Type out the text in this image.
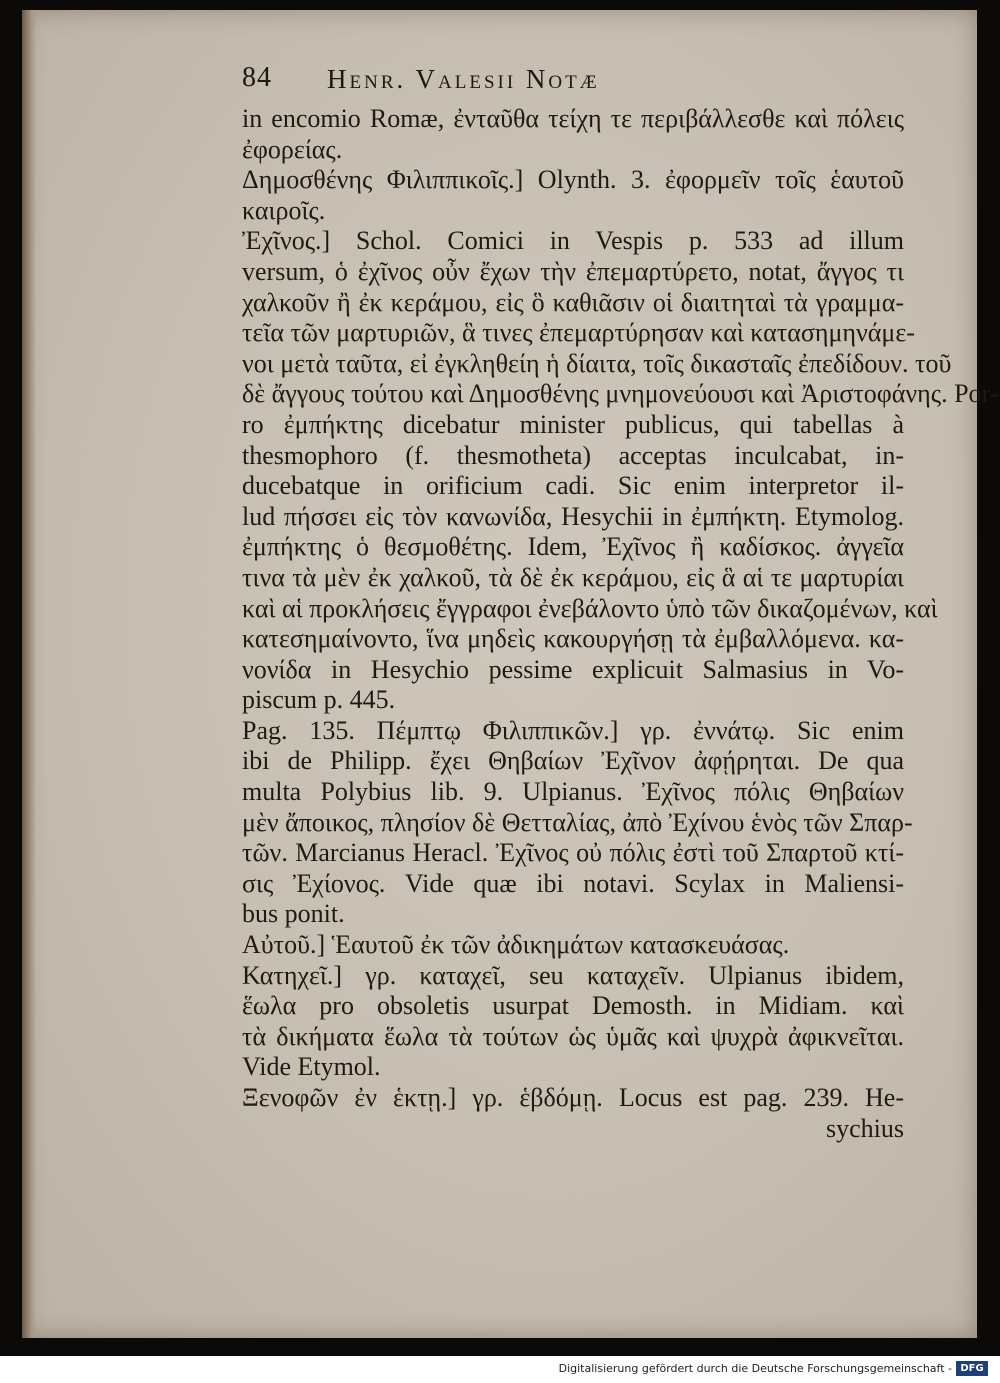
84 Henr. Valesii Notæ
in encomio Romæ, ἐνταῦθα τείχη τε περιβάλλεσθε καὶ πόλεις
ἐφορείας.
Δημοσθένης Φιλιππικοῖς.] Olynth. 3. ἐφορμεῖν τοῖς ἑαυτοῦ
καιροῖς.
Ἐχῖνος.] Schol. Comici in Vespis p. 533 ad illum
versum, ὁ ἐχῖνος οὖν ἔχων τὴν ἐπεμαρτύρετο, notat, ἄγγος τι
χαλκοῦν ἢ ἐκ κεράμου, εἰς ὃ καθιᾶσιν οἱ διαιτηταὶ τὰ γραμμα-
τεῖα τῶν μαρτυριῶν, ἃ τινες ἐπεμαρτύρησαν καὶ κατασημηνάμε-
νοι μετὰ ταῦτα, εἰ ἐγκληθείη ἡ δίαιτα, τοῖς δικασταῖς ἐπεδίδουν. τοῦ
δὲ ἄγγους τούτου καὶ Δημοσθένης μνημονεύουσι καὶ Ἀριστοφάνης. Por-
ro ἐμπήκτης dicebatur minister publicus, qui tabellas à
thesmophoro (f. thesmotheta) acceptas inculcabat, in-
ducebatque in orificium cadi. Sic enim interpretor il-
lud πήσσει εἰς τὸν κανωνίδα, Hesychii in ἐμπήκτη. Etymolog.
ἐμπήκτης ὁ θεσμοθέτης. Idem, Ἐχῖνος ἢ καδίσκος. ἀγγεῖα
τινα τὰ μὲν ἐκ χαλκοῦ, τὰ δὲ ἐκ κεράμου, εἰς ἃ αἱ τε μαρτυρίαι
καὶ αἱ προκλήσεις ἔγγραφοι ἐνεβάλοντο ὑπὸ τῶν δικαζομένων, καὶ
κατεσημαίνοντο, ἵνα μηδεὶς κακουργήσῃ τὰ ἐμβαλλόμενα. κα-
νονίδα in Hesychio pessime explicuit Salmasius in Vo-
piscum p. 445.
Pag. 135. Πέμπτῳ Φιλιππικῶν.] γρ. ἐννάτῳ. Sic enim
ibi de Philipp. ἔχει Θηβαίων Ἐχῖνον ἀφῄρηται. De qua
multa Polybius lib. 9. Ulpianus. Ἐχῖνος πόλις Θηβαίων
μὲν ἄποικος, πλησίον δὲ Θετταλίας, ἀπὸ Ἐχίνου ἑνὸς τῶν Σπαρ-
τῶν. Marcianus Heracl. Ἐχῖνος οὐ πόλις ἐστὶ τοῦ Σπαρτοῦ κτί-
σις Ἐχίονος. Vide quæ ibi notavi. Scylax in Maliensi-
bus ponit.
Αὐτοῦ.] Ἑαυτοῦ ἐκ τῶν ἀδικημάτων κατασκευάσας.
Κατηχεῖ.] γρ. καταχεῖ, seu καταχεῖν. Ulpianus ibidem,
ἕωλα pro obsoletis usurpat Demosth. in Midiam. καὶ
τὰ δικήματα ἕωλα τὰ τούτων ὡς ὑμᾶς καὶ ψυχρὰ ἀφικνεῖται.
Vide Etymol.
Ξενοφῶν ἐν ἑκτῃ.] γρ. ἑβδόμῃ. Locus est pag. 239. He-
sychius
Digitalisierung gefördert durch die Deutsche Forschungsgemeinschaft - DFG
